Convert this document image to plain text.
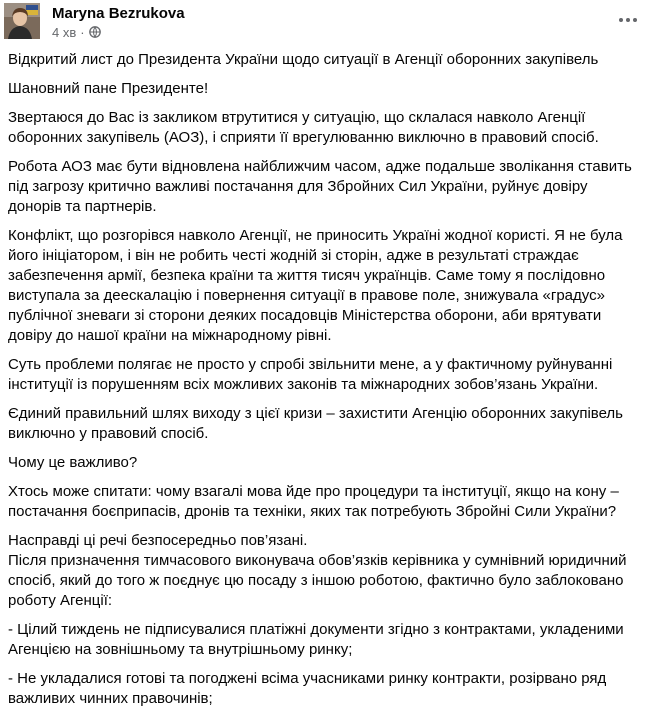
Maryna Bezrukova
4 хв ·

Відкритий лист до Президента України щодо ситуації в Агенції оборонних закупівель

Шановний пане Президенте!

Звертаюся до Вас із закликом втрутитися у ситуацію, що склалася навколо Агенції оборонних закупівель (АОЗ), і сприяти її врегулюванню виключно в правовий спосіб.

Робота АОЗ має бути відновлена найближчим часом, адже подальше зволікання ставить під загрозу критично важливі постачання для Збройних Сил України, руйнує довіру донорів та партнерів.

Конфлікт, що розгорівся навколо Агенції, не приносить Україні жодної користі. Я не була його ініціатором, і він не робить честі жодній зі сторін, адже в результаті страждає забезпечення армії, безпека країни та життя тисяч українців. Саме тому я послідовно виступала за деескалацію і повернення ситуації в правове поле, знижувала «градус» публічної зневаги зі сторони деяких посадовців Міністерства оборони, аби врятувати довіру до нашої країни на міжнародному рівні.

Суть проблеми полягає не просто у спробі звільнити мене, а у фактичному руйнуванні інституції із порушенням всіх можливих законів та міжнародних зобов’язань України.

Єдиний правильний шлях виходу з цієї кризи – захистити Агенцію оборонних закупівель виключно у правовий спосіб.

Чому це важливо?

Хтось може спитати: чому взагалі мова йде про процедури та інституції, якщо на кону – постачання боєприпасів, дронів та техніки, яких так потребують Збройні Сили України?

Насправді ці речі безпосередньо пов’язані.

Після призначення тимчасового виконувача обов’язків керівника у сумнівний юридичний спосіб, який до того ж поєднує цю посаду з іншою роботою, фактично було заблоковано роботу Агенції:

- Цілий тиждень не підписувалися платіжні документи згідно з контрактами, укладеними Агенцією на зовнішньому та внутрішньому ринку;

- Не укладалися готові та погоджені всіма учасниками ринку контракти, розірвано ряд важливих чинних правочинів;
